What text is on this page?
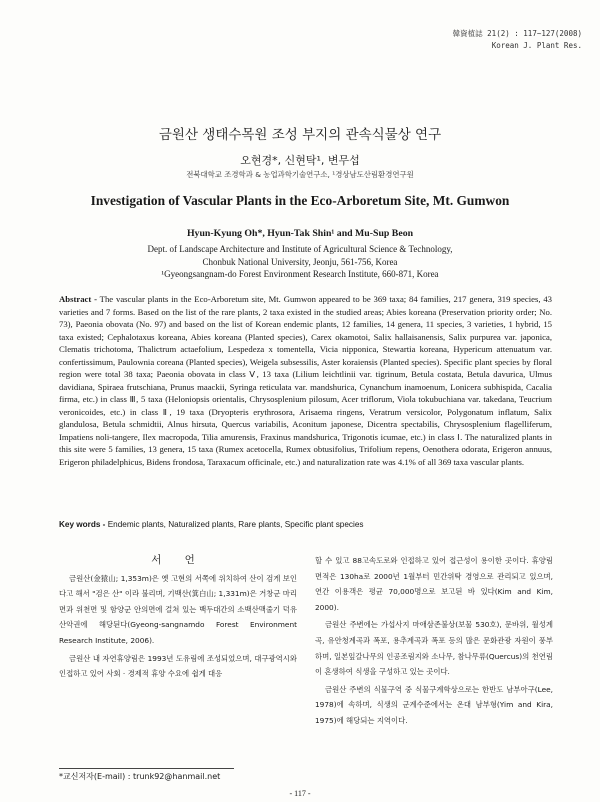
韓資植誌 21(2) : 117~127(2008)
Korean J. Plant Res.
금원산 생태수목원 조성 부지의 관속식물상 연구
오현경*, 신현탁¹, 변무섭
전북대학교 조경학과 & 농업과학기술연구소, ¹경상남도산림환경연구원
Investigation of Vascular Plants in the Eco-Arboretum Site, Mt. Gumwon
Hyun-Kyung Oh*, Hyun-Tak Shin¹ and Mu-Sup Beon
Dept. of Landscape Architecture and Institute of Agricultural Science & Technology,
Chonbuk National University, Jeonju, 561-756, Korea
¹Gyeongsangnam-do Forest Environment Research Institute, 660-871, Korea
Abstract - The vascular plants in the Eco-Arboretum site, Mt. Gumwon appeared to be 369 taxa; 84 families, 217 genera, 319 species, 43 varieties and 7 forms. Based on the list of the rare plants, 2 taxa existed in the studied areas; Abies koreana (Preservation priority order; No. 73), Paeonia obovata (No. 97) and based on the list of Korean endemic plants, 12 families, 14 genera, 11 species, 3 varieties, 1 hybrid, 15 taxa existed; Cephalotaxus koreana, Abies koreana (Planted species), Carex okamotoi, Salix hallaisanensis, Salix purpurea var. japonica, Clematis trichotoma, Thalictrum actaefolium, Lespedeza x tomentella, Vicia nipponica, Stewartia koreana, Hypericum attenuatum var. confertissimum, Paulownia coreana (Planted species), Weigela subsessilis, Aster koraiensis (Planted species). Specific plant species by floral region were total 38 taxa; Paeonia obovata in class Ⅴ, 13 taxa (Lilium leichtlinii var. tigrinum, Betula costata, Betula davurica, Ulmus davidiana, Spiraea frutschiana, Prunus maackii, Syringa reticulata var. mandshurica, Cynanchum inamoenum, Lonicera subhispida, Cacalia firma, etc.) in class Ⅲ, 5 taxa (Heloniopsis orientalis, Chrysosplenium pilosum, Acer triflorum, Viola tokubuchiana var. takedana, Teucrium veronicoides, etc.) in class Ⅱ, 19 taxa (Dryopteris erythrosora, Arisaema ringens, Veratrum versicolor, Polygonatum inflatum, Salix glandulosa, Betula schmidtii, Alnus hirsuta, Quercus variabilis, Aconitum japonese, Dicentra spectabilis, Chrysosplenium flagelliferum, Impatiens noli-tangere, Ilex macropoda, Tilia amurensis, Fraxinus mandshurica, Trigonotis icumae, etc.) in class Ⅰ. The naturalized plants in this site were 5 families, 13 genera, 15 taxa (Rumex acetocella, Rumex obtusifolius, Trifolium repens, Oenothera odorata, Erigeron annuus, Erigeron philadelphicus, Bidens frondosa, Taraxacum officinale, etc.) and naturalization rate was 4.1% of all 369 taxa vascular plants.
Key words - Endemic plants, Naturalized plants, Rare plants, Specific plant species

서 언

금원산(金猿山; 1,353m)은 옛 고현의 서쪽에 위치하여 산이 검게 보인다고 해서 "검은 산" 이라 불리며, 기백산(箕白山; 1,331m)은 거창군 마리면과 위천면 및 함양군 안의면에 걸쳐 있는 백두대간의 소백산맥줄기 덕유산악권에 해당된다(Gyeong-sangnamdo Forest Environment Research Institute, 2006).

금원산 내 자연휴양림은 1993년 도유림에 조성되었으며, 대구광역시와 인접하고 있어 사회 · 경제적 휴양 수요에 쉽게 대응

할 수 있고 88고속도로와 인접하고 있어 접근성이 용이한 곳이다. 휴양림 면적은 130ha로 2000년 1월부터 민간위탁 경영으로 관리되고 있으며, 연간 이용객은 평균 70,000명으로 보고된 바 있다(Kim and Kim, 2000).

금원산 주변에는 가섭사지 마애삼존불상(보물 530호), 문바위, 월성계곡, 유안청계곡과 폭포, 용추계곡과 폭포 등의 많은 문화관광 자원이 풍부하며, 일본잎갈나무의 인공조림지와 소나무, 참나무류(Quercus)의 천연림이 혼생하여 식생을 구성하고 있는 곳이다.

금원산 주변의 식물구역 중 식물구계학상으로는 한반도 남부아구(Lee, 1978)에 속하며, 식생의 군계수준에서는 온대 남부형(Yim and Kira, 1975)에 해당되는 지역이다.

*교신저자(E-mail) : trunk92@hanmail.net
- 117 -
